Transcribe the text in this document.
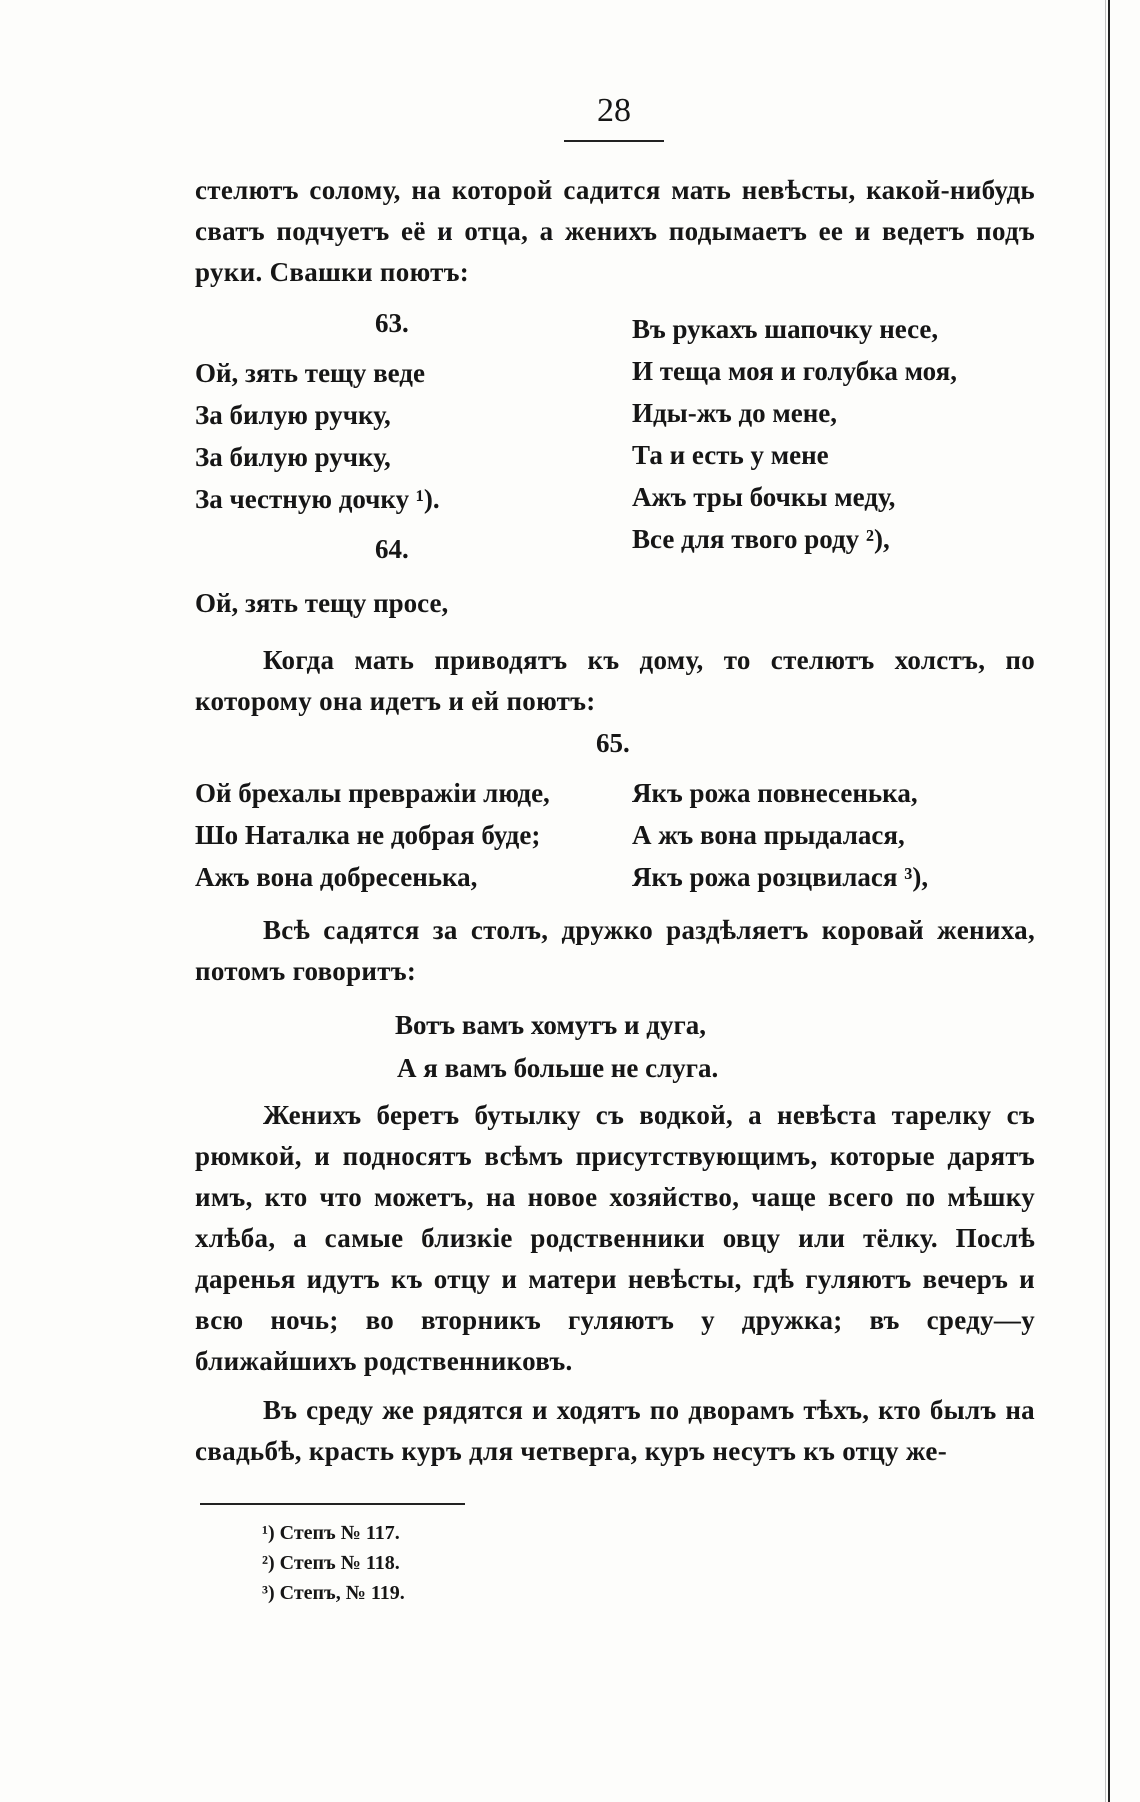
28
стелютъ солому, на которой садится мать невѣсты, какой-нибудь сватъ подчуетъ её и отца, а женихъ подымаетъ ее и ведетъ подъ руки. Свашки поютъ:
63.
Ой, зять тещу веде
За билую ручку,
За билую ручку,
За честную дочку ¹).
Въ рукахъ шапочку несе,
И теща моя и голубка моя,
Иды-жъ до мене,
Та и есть у мене
Ажъ тры бочкы меду,
Все для твого роду ²),
64.
Ой, зять тещу просе,
Когда мать приводятъ къ дому, то стелютъ холстъ, по которому она идетъ и ей поютъ:
65.
Ой брехалы превражіи люде,
Шо Наталка не добрая буде;
Ажъ вона добресенька,
Якъ рожа повнесенька,
А жъ вона прыдалася,
Якъ рожа розцвилася ³),
Всѣ садятся за столъ, дружко раздѣляетъ коровай жениха, потомъ говоритъ:
Вотъ вамъ хомутъ и дуга,
А я вамъ больше не слуга.
Женихъ беретъ бутылку съ водкой, а невѣста тарелку съ рюмкой, и подносятъ всѣмъ присутствующимъ, которые дарятъ имъ, кто что можетъ, на новое хозяйство, чаще всего по мѣшку хлѣба, а самые близкіе родственники овцу или тёлку. Послѣ даренья идутъ къ отцу и матери невѣсты, гдѣ гуляютъ вечеръ и всю ночь; во вторникъ гуляютъ у дружка; въ среду—у ближайшихъ родственниковъ.
Въ среду же рядятся и ходятъ по дворамъ тѣхъ, кто былъ на свадьбѣ, красть куръ для четверга, куръ несутъ къ отцу же-
¹) Степъ № 117.
²) Степъ № 118.
³) Степъ, № 119.
